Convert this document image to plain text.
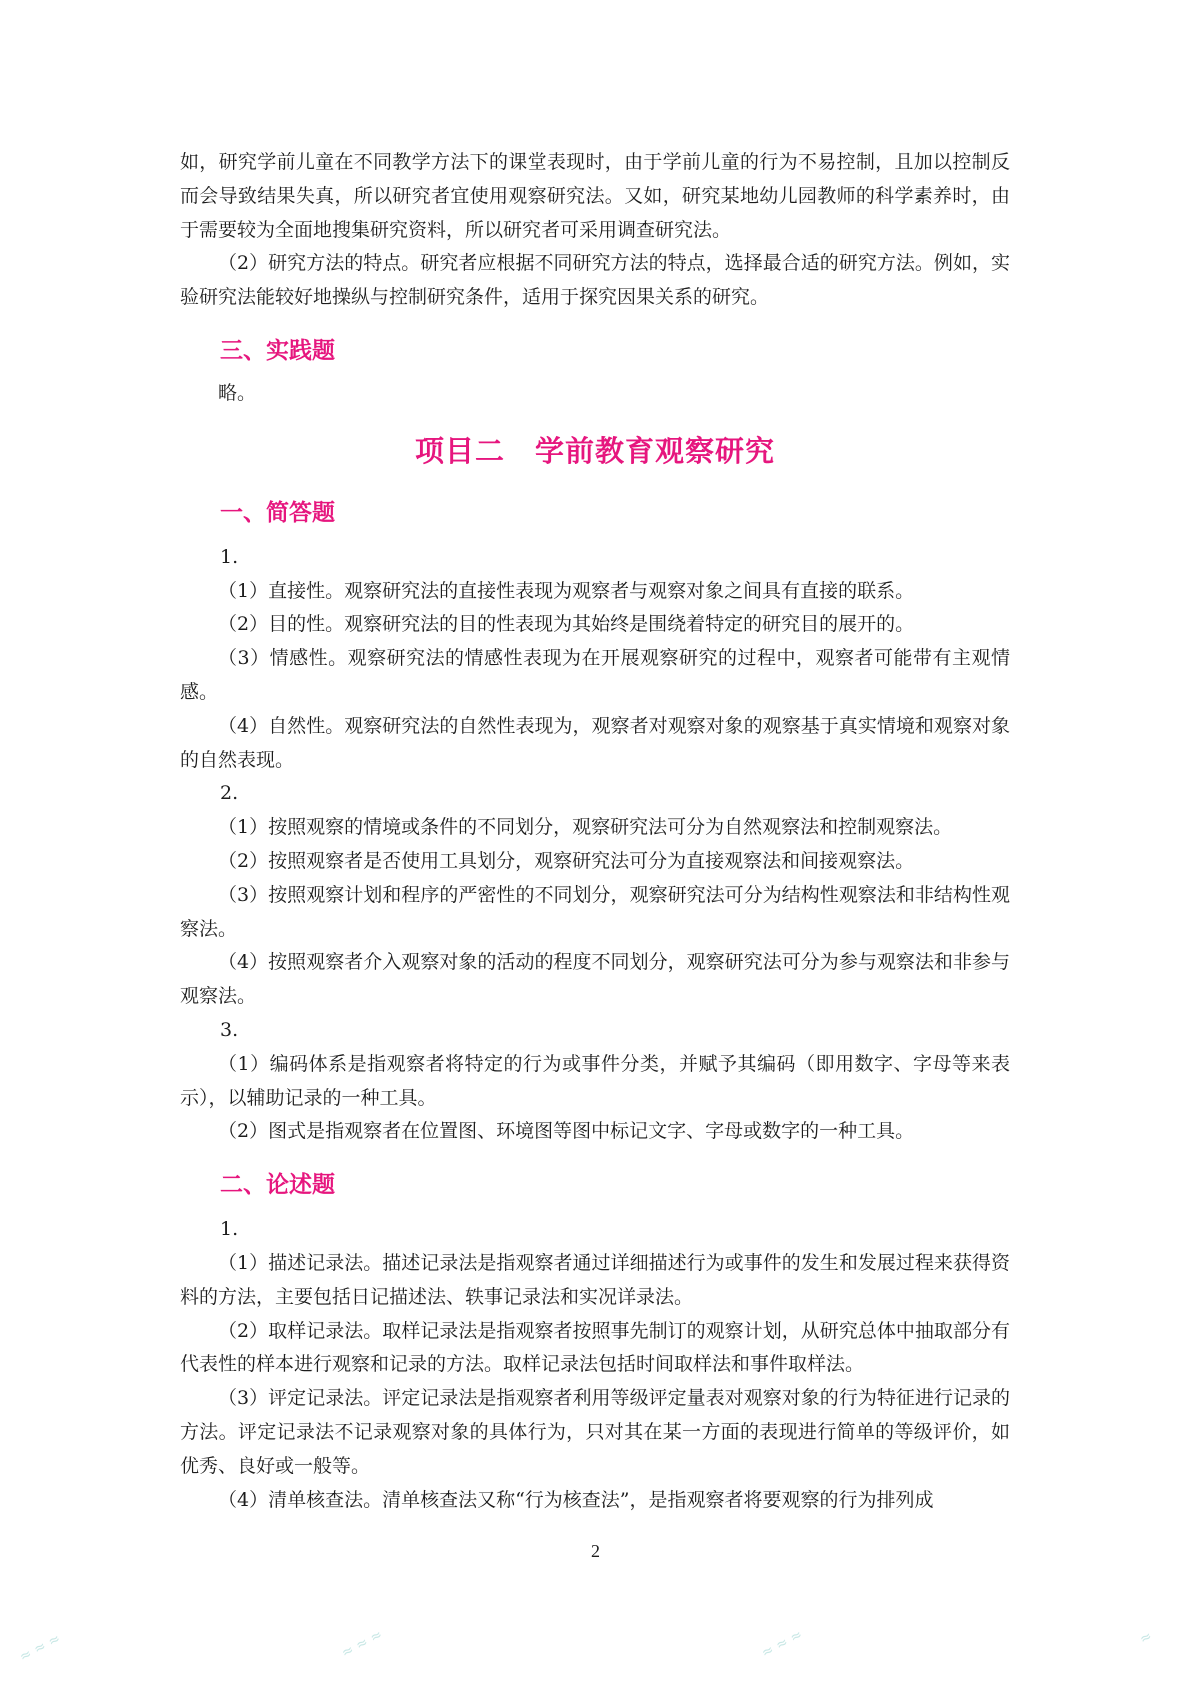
如，研究学前儿童在不同教学方法下的课堂表现时，由于学前儿童的行为不易控制，且加以控制反而会导致结果失真，所以研究者宜使用观察研究法。又如，研究某地幼儿园教师的科学素养时，由于需要较为全面地搜集研究资料，所以研究者可采用调查研究法。

（2）研究方法的特点。研究者应根据不同研究方法的特点，选择最合适的研究方法。例如，实验研究法能较好地操纵与控制研究条件，适用于探究因果关系的研究。

三、实践题

略。

项目二　学前教育观察研究

一、简答题

1.

（1）直接性。观察研究法的直接性表现为观察者与观察对象之间具有直接的联系。

（2）目的性。观察研究法的目的性表现为其始终是围绕着特定的研究目的展开的。

（3）情感性。观察研究法的情感性表现为在开展观察研究的过程中，观察者可能带有主观情感。

（4）自然性。观察研究法的自然性表现为，观察者对观察对象的观察基于真实情境和观察对象的自然表现。

2.

（1）按照观察的情境或条件的不同划分，观察研究法可分为自然观察法和控制观察法。

（2）按照观察者是否使用工具划分，观察研究法可分为直接观察法和间接观察法。

（3）按照观察计划和程序的严密性的不同划分，观察研究法可分为结构性观察法和非结构性观察法。

（4）按照观察者介入观察对象的活动的程度不同划分，观察研究法可分为参与观察法和非参与观察法。

3.

（1）编码体系是指观察者将特定的行为或事件分类，并赋予其编码（即用数字、字母等来表示），以辅助记录的一种工具。

（2）图式是指观察者在位置图、环境图等图中标记文字、字母或数字的一种工具。

二、论述题

1.

（1）描述记录法。描述记录法是指观察者通过详细描述行为或事件的发生和发展过程来获得资料的方法，主要包括日记描述法、轶事记录法和实况详录法。

（2）取样记录法。取样记录法是指观察者按照事先制订的观察计划，从研究总体中抽取部分有代表性的样本进行观察和记录的方法。取样记录法包括时间取样法和事件取样法。

（3）评定记录法。评定记录法是指观察者利用等级评定量表对观察对象的行为特征进行记录的方法。评定记录法不记录观察对象的具体行为，只对其在某一方面的表现进行简单的等级评价，如优秀、良好或一般等。

（4）清单核查法。清单核查法又称“行为核查法”，是指观察者将要观察的行为排列成

2
≈ ≈ ≈	≈ ≈ ≈	≈ ≈ ≈	≈
